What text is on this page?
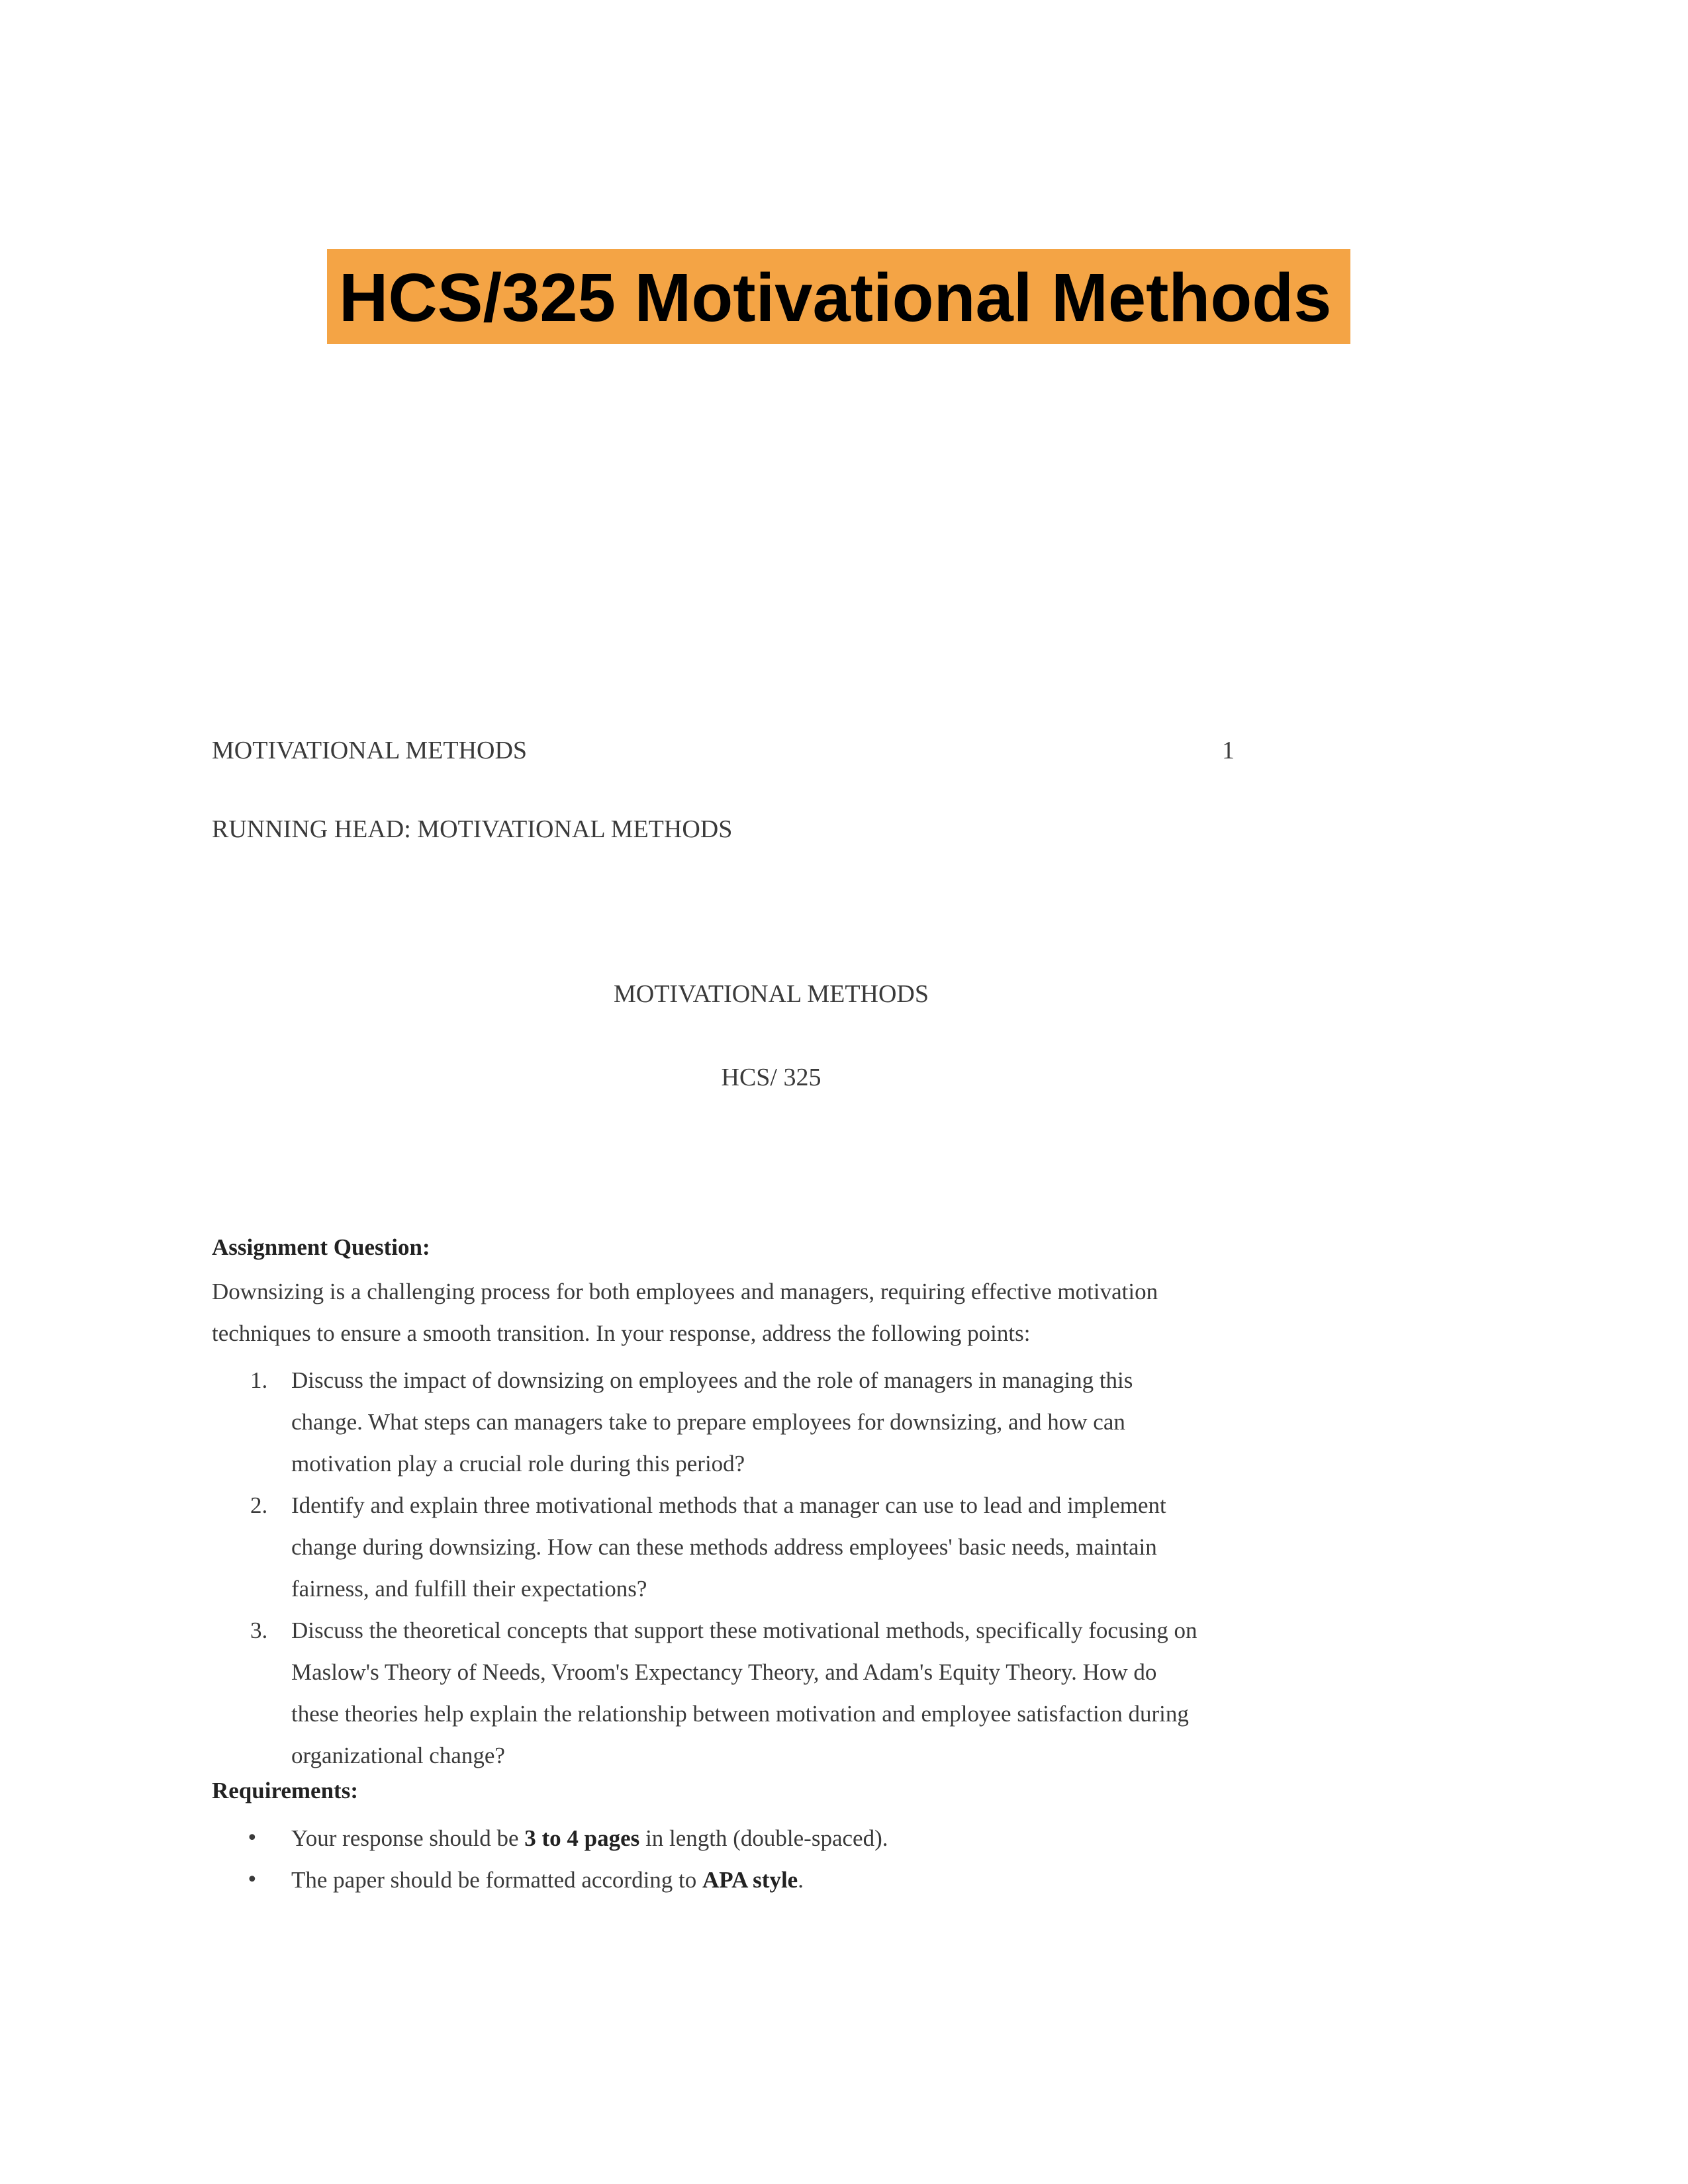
HCS/325 Motivational Methods
MOTIVATIONAL METHODS	1
RUNNING HEAD: MOTIVATIONAL METHODS
MOTIVATIONAL METHODS
HCS/ 325
Assignment Question:

Downsizing is a challenging process for both employees and managers, requiring effective motivation
techniques to ensure a smooth transition. In your response, address the following points:

1. Discuss the impact of downsizing on employees and the role of managers in managing this
change. What steps can managers take to prepare employees for downsizing, and how can
motivation play a crucial role during this period?
2. Identify and explain three motivational methods that a manager can use to lead and implement
change during downsizing. How can these methods address employees' basic needs, maintain
fairness, and fulfill their expectations?
3. Discuss the theoretical concepts that support these motivational methods, specifically focusing on
Maslow's Theory of Needs, Vroom's Expectancy Theory, and Adam's Equity Theory. How do
these theories help explain the relationship between motivation and employee satisfaction during
organizational change?
Requirements:
• Your response should be 3 to 4 pages in length (double-spaced).
• The paper should be formatted according to APA style.
